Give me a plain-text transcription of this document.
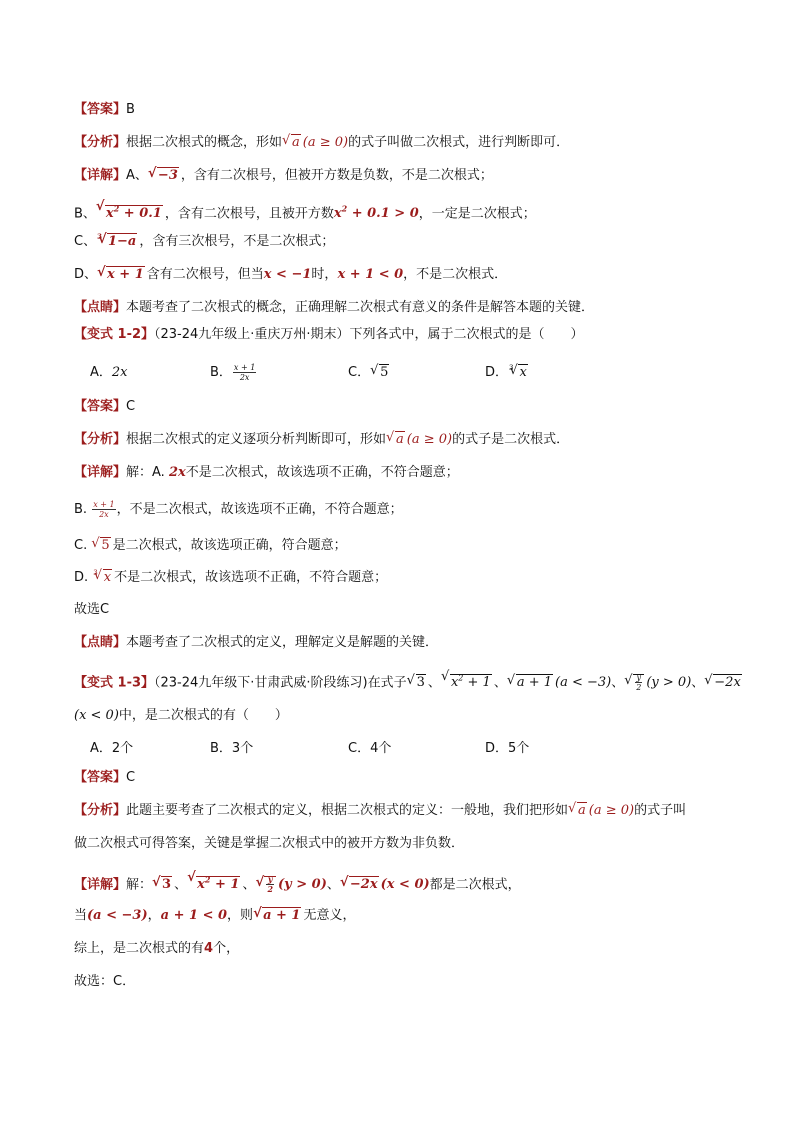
【答案】B
【分析】根据二次根式的概念，形如 √ a (a ≥ 0)的式子叫做二次根式，进行判断即可．
【详解】A、 √ −3 ，含有二次根号，但被开方数是负数，不是二次根式；
B、 √ $x^2 + 0.1$ ，含有二次根号，且被开方数$x^2 + 0.1 > 0$，一定是二次根式；
C、$^3$ √ 1−a ，含有三次根号，不是二次根式；
D、 √ x + 1 含有二次根号，但当x < −1时，x + 1 < 0，不是二次根式．
【点睛】本题考查了二次根式的概念，正确理解二次根式有意义的条件是解答本题的关键．
【变式 1-2】（23-24九年级上·重庆万州·期末）下列各式中，属于二次根式的是（　　）
A．2x	B． $\frac{x + 1}{2x}$	C． √ 5	D．$^3$ √ x
【答案】C
【分析】根据二次根式的定义逐项分析判断即可，形如 √ a (a ≥ 0)的式子是二次根式．
【详解】解：A. 2x不是二次根式，故该选项不正确，不符合题意；
B. $\frac{x + 1}{2x}$ ，不是二次根式，故该选项不正确，不符合题意；
C. √ 5 是二次根式，故该选项正确，符合题意；
D. $^3$ √ x 不是二次根式，故该选项不正确，不符合题意；
故选C
【点睛】本题考查了二次根式的定义，理解定义是解题的关键．
【变式 1-3】（23-24九年级下·甘肃武威·阶段练习)在式子 √ 3 、 √ $x^2 + 1$ 、 √ a + 1 (a < −3)、 √ $\frac{y}{2} (y > 0)$、 √ −2x
(x < 0)中，是二次根式的有（　　）
A．2个	B．3个	C．4个	D．5个
【答案】C
【分析】此题主要考查了二次根式的定义，根据二次根式的定义：一般地，我们把形如 √ a (a ≥ 0)的式子叫
做二次根式可得答案，关键是掌握二次根式中的被开方数为非负数．
【详解】解： √ 3 、 √ $x^2 + 1$ 、 √ $\frac{y}{2} (y > 0)$、 √ −2x (x < 0)都是二次根式，
当(a < −3)，a + 1 < 0，则 √ a + 1 无意义，
综上，是二次根式的有4个，
故选：C．
